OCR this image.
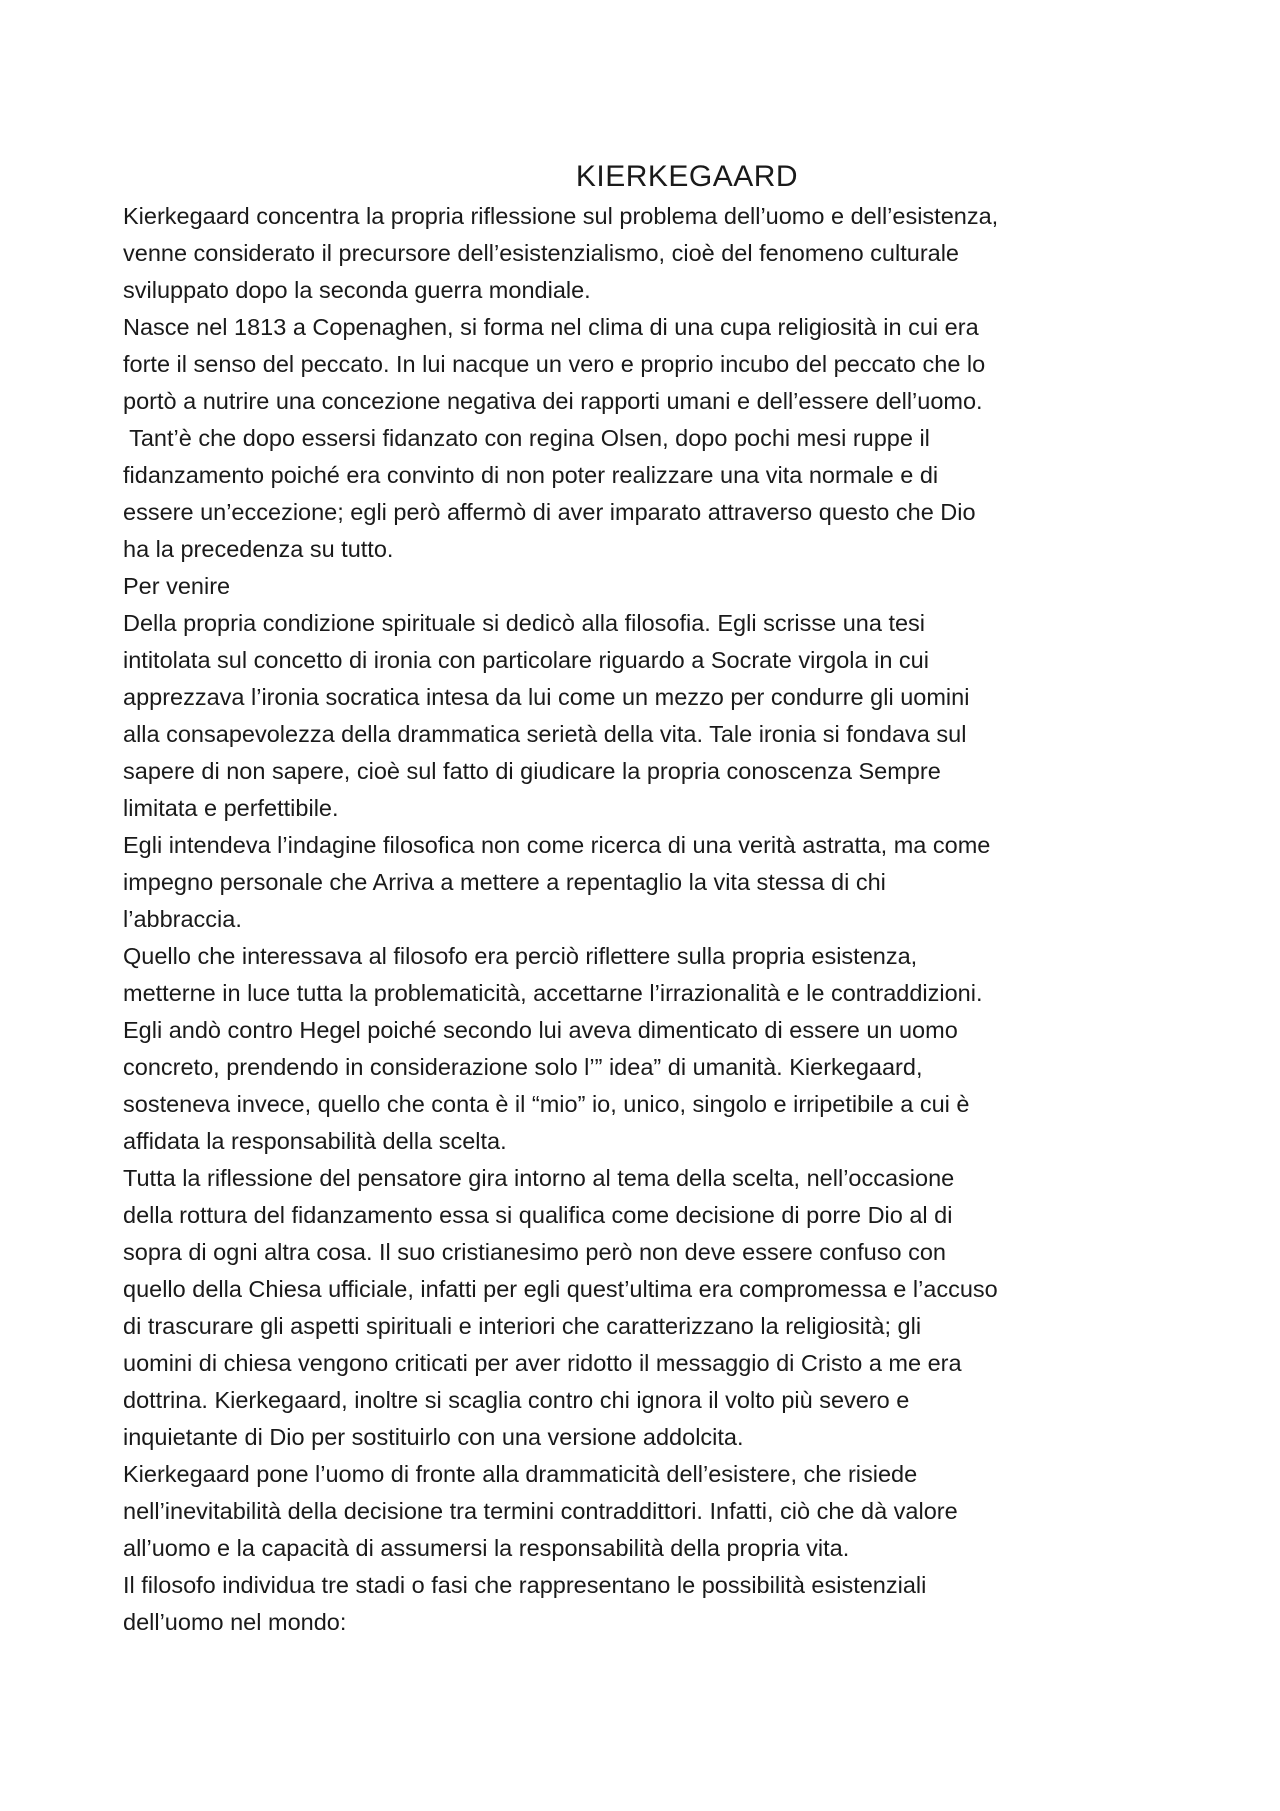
KIERKEGAARD
Kierkegaard concentra la propria riflessione sul problema dell’uomo e dell’esistenza,
venne considerato il precursore dell’esistenzialismo, cioè del fenomeno culturale
sviluppato dopo la seconda guerra mondiale.
Nasce nel 1813 a Copenaghen, si forma nel clima di una cupa religiosità in cui era
forte il senso del peccato. In lui nacque un vero e proprio incubo del peccato che lo
portò a nutrire una concezione negativa dei rapporti umani e dell’essere dell’uomo.
Tant’è che dopo essersi fidanzato con regina Olsen, dopo pochi mesi ruppe il
fidanzamento poiché era convinto di non poter realizzare una vita normale e di
essere un’eccezione; egli però affermò di aver imparato attraverso questo che Dio
ha la precedenza su tutto.
Per venire
Della propria condizione spirituale si dedicò alla filosofia. Egli scrisse una tesi
intitolata sul concetto di ironia con particolare riguardo a Socrate virgola in cui
apprezzava l’ironia socratica intesa da lui come un mezzo per condurre gli uomini
alla consapevolezza della drammatica serietà della vita. Tale ironia si fondava sul
sapere di non sapere, cioè sul fatto di giudicare la propria conoscenza Sempre
limitata e perfettibile.
Egli intendeva l’indagine filosofica non come ricerca di una verità astratta, ma come
impegno personale che Arriva a mettere a repentaglio la vita stessa di chi
l’abbraccia.
Quello che interessava al filosofo era perciò riflettere sulla propria esistenza,
metterne in luce tutta la problematicità, accettarne l’irrazionalità e le contraddizioni.
Egli andò contro Hegel poiché secondo lui aveva dimenticato di essere un uomo
concreto, prendendo in considerazione solo l’” idea” di umanità. Kierkegaard,
sosteneva invece, quello che conta è il “mio” io, unico, singolo e irripetibile a cui è
affidata la responsabilità della scelta.
Tutta la riflessione del pensatore gira intorno al tema della scelta, nell’occasione
della rottura del fidanzamento essa si qualifica come decisione di porre Dio al di
sopra di ogni altra cosa. Il suo cristianesimo però non deve essere confuso con
quello della Chiesa ufficiale, infatti per egli quest’ultima era compromessa e l’accuso
di trascurare gli aspetti spirituali e interiori che caratterizzano la religiosità; gli
uomini di chiesa vengono criticati per aver ridotto il messaggio di Cristo a me era
dottrina. Kierkegaard, inoltre si scaglia contro chi ignora il volto più severo e
inquietante di Dio per sostituirlo con una versione addolcita.
Kierkegaard pone l’uomo di fronte alla drammaticità dell’esistere, che risiede
nell’inevitabilità della decisione tra termini contraddittori. Infatti, ciò che dà valore
all’uomo e la capacità di assumersi la responsabilità della propria vita.
Il filosofo individua tre stadi o fasi che rappresentano le possibilità esistenziali
dell’uomo nel mondo:
